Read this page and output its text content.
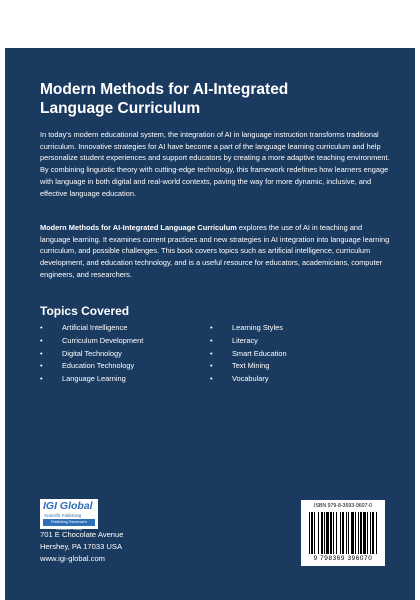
Modern Methods for AI-Integrated
Language Curriculum
In today's modern educational system, the integration of AI in language instruction transforms traditional curriculum. Innovative strategies for AI have become a part of the language learning curriculum and help personalize student experiences and support educators by creating a more adaptive teaching environment. By combining linguistic theory with cutting-edge technology, this framework redefines how learners engage with language in both digital and real-world contexts, paving the way for more dynamic, inclusive, and effective language education.
Modern Methods for AI-Integrated Language Curriculum explores the use of AI in teaching and language learning. It examines current practices and new strategies in AI integration into language learning curriculum, and possible challenges. This book covers topics such as artificial intelligence, curriculum development, and education technology, and is a useful resource for educators, academicians, computer engineers, and researchers.
Topics Covered
• Artificial Intelligence
• Curriculum Development
• Digital Technology
• Education Technology
• Language Learning
• Learning Styles
• Literacy
• Smart Education
• Text Mining
• Vocabulary
IGI Global
Scientific Publishing
Publishing Tomorrow's Research Today
701 E Chocolate Avenue
Hershey, PA 17033 USA
www.igi-global.com
ISBN 979-8-3693-9607-0
9 798369 396070
